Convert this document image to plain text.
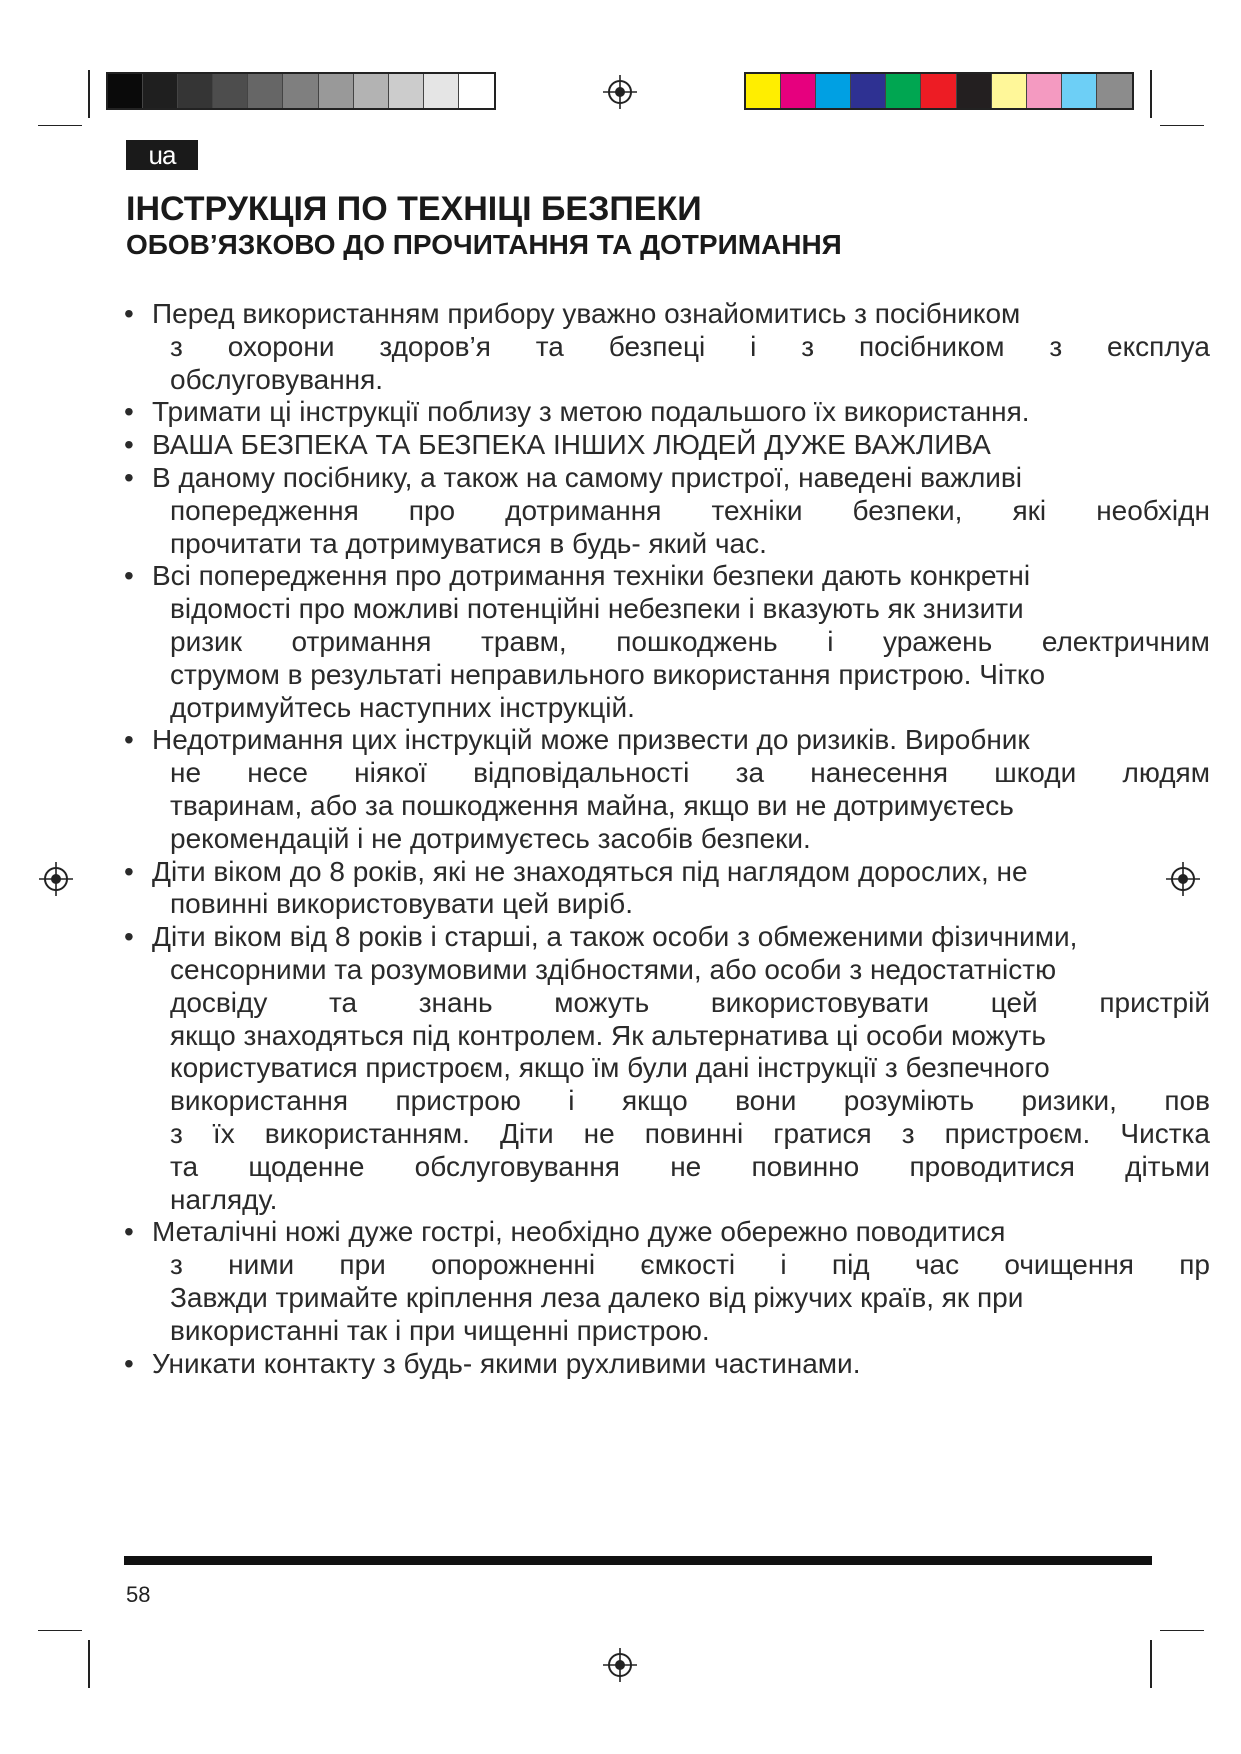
ua
ІНСТРУКЦІЯ ПО ТЕХНІЦІ БЕЗПЕКИ
ОБОВ’ЯЗКОВО ДО ПРОЧИТАННЯ ТА ДОТРИМАННЯ
• Перед використанням прибору уважно ознайомитись з посібником
з охорони здоров’я та безпеці і з посібником з експлуа
обслуговування.
• Тримати ці інструкції поблизу з метою подальшого їх використання.
• ВАША БЕЗПЕКА ТА БЕЗПЕКА ІНШИХ ЛЮДЕЙ ДУЖЕ ВАЖЛИВА
• В даному посібнику, а також на самому пристрої, наведені важливі
попередження про дотримання техніки безпеки, які необхідн
прочитати та дотримуватися в будь- який час.
• Всі попередження про дотримання техніки безпеки дають конкретні
відомості про можливі потенційні небезпеки і вказують як знизити
ризик отримання травм, пошкоджень і уражень електричним
струмом в результаті неправильного використання пристрою. Чітко
дотримуйтесь наступних інструкцій.
• Недотримання цих інструкцій може призвести до ризиків. Виробник
не несе ніякої відповідальності за нанесення шкоди людям
тваринам, або за пошкодження майна, якщо ви не дотримуєтесь
рекомендацій і не дотримуєтесь засобів безпеки.
• Діти віком до 8 років, які не знаходяться під наглядом дорослих, не
повинні використовувати цей виріб.
• Діти віком від 8 років і старші, а також особи з обмеженими фізичними,
сенсорними та розумовими здібностями, або особи з недостатністю
досвіду та знань можуть використовувати цей пристрій
якщо знаходяться під контролем. Як альтернатива ці особи можуть
користуватися пристроєм, якщо їм були дані інструкції з безпечного
використання пристрою і якщо вони розуміють ризики, пов
з їх використанням. Діти не повинні гратися з пристроєм. Чистка
та щоденне обслуговування не повинно проводитися дітьми
нагляду.
• Металічні ножі дуже гострі, необхідно дуже обережно поводитися
з ними при опорожненні ємкості і під час очищення пр
Завжди тримайте кріплення леза далеко від ріжучих країв, як при
використанні так і при чищенні пристрою.
• Уникати контакту з будь- якими рухливими частинами.
58
